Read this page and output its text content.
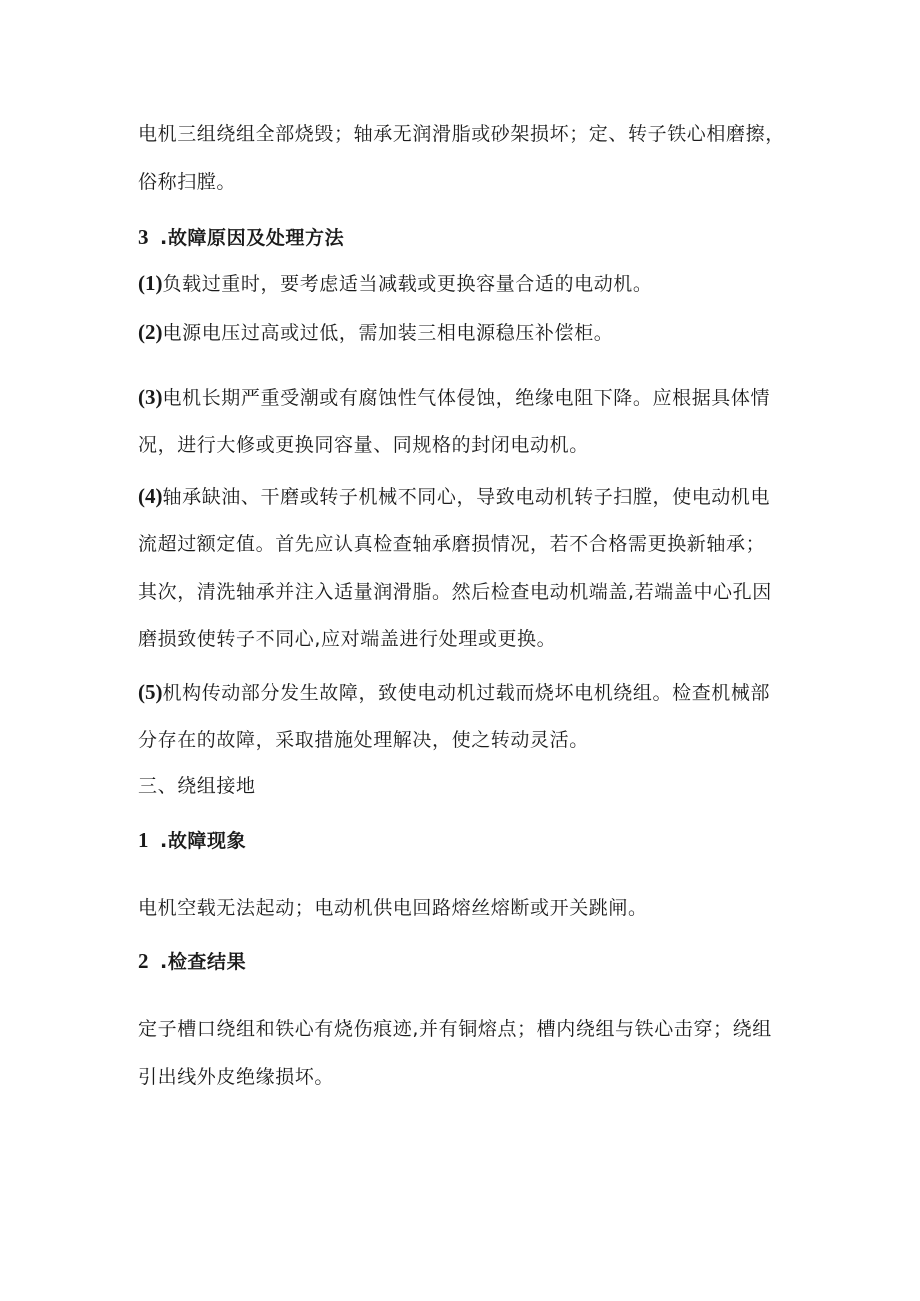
电机三组绕组全部烧毁；轴承无润滑脂或砂架损坏；定、转子铁心相磨擦，
俗称扫膛。
3 .故障原因及处理方法
(1)负载过重时，要考虑适当减载或更换容量合适的电动机。
(2)电源电压过高或过低，需加装三相电源稳压补偿柜。
(3)电机长期严重受潮或有腐蚀性气体侵蚀，绝缘电阻下降。应根据具体情
况，进行大修或更换同容量、同规格的封闭电动机。
(4)轴承缺油、干磨或转子机械不同心，导致电动机转子扫膛，使电动机电
流超过额定值。首先应认真检查轴承磨损情况，若不合格需更换新轴承；
其次，清洗轴承并注入适量润滑脂。然后检查电动机端盖,若端盖中心孔因
磨损致使转子不同心,应对端盖进行处理或更换。
(5)机构传动部分发生故障，致使电动机过载而烧坏电机绕组。检查机械部
分存在的故障，采取措施处理解决，使之转动灵活。
三、绕组接地
1 .故障现象
电机空载无法起动；电动机供电回路熔丝熔断或开关跳闸。
2 .检查结果
定子槽口绕组和铁心有烧伤痕迹,并有铜熔点；槽内绕组与铁心击穿；绕组
引出线外皮绝缘损坏。
